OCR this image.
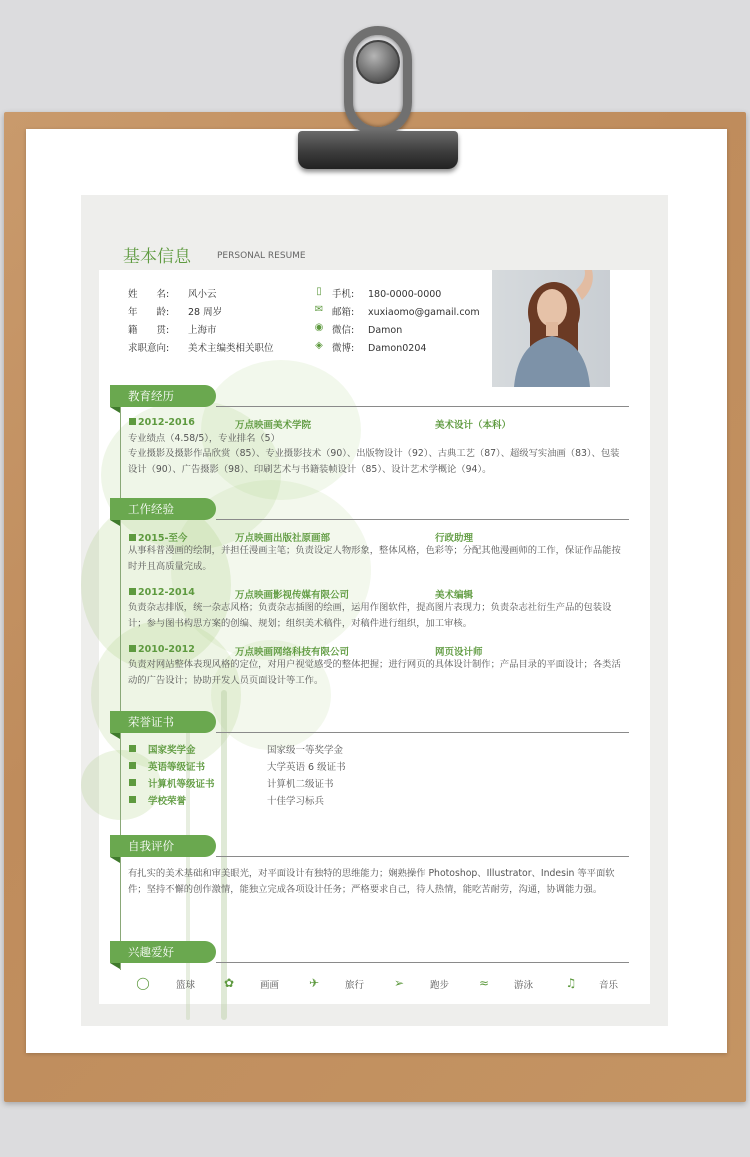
基本信息	PERSONAL RESUME
姓　　名: 风小云
年　　龄: 28 周岁
籍　　贯: 上海市
求职意向: 美术主编类相关职位
▯	手机: 180-0000-0000
✉ 邮箱: xuxiaomo@gamail.com
◉ 微信: Damon
◈ 微博: Damon0204
教育经历
2012-2016	万点映画美术学院	美术设计（本科）
专业绩点（4.58/5），专业排名（5）
专业摄影及摄影作品欣赏（85）、专业摄影技术（90）、出版物设计（92）、古典工艺（87）、超级写实油画（83）、包装设计（90）、广告摄影（98）、印刷艺术与书籍装帧设计（85）、设计艺术学概论（94）。
工作经验
2015-至今	万点映画出版社原画部	行政助理
从事科普漫画的绘制，并担任漫画主笔；负责设定人物形象，整体风格，色彩等；分配其他漫画师的工作，保证作品能按时并且高质量完成。
2012-2014	万点映画影视传媒有限公司	美术编辑
负责杂志排版，统一杂志风格；负责杂志插图的绘画，运用作图软件，提高图片表现力；负责杂志社衍生产品的包装设计；参与图书构思方案的创编、规划；组织美术稿件，对稿件进行组织，加工审核。
2010-2012	万点映画网络科技有限公司	网页设计师
负责对网站整体表现风格的定位，对用户视觉感受的整体把握；进行网页的具体设计制作；产品目录的平面设计；各类活动的广告设计；协助开发人员页面设计等工作。
荣誉证书
国家奖学金	国家级一等奖学金
英语等级证书	大学英语 6 级证书
计算机等级证书	计算机二级证书
学校荣誉	十佳学习标兵
自我评价
有扎实的美术基础和审美眼光，对平面设计有独特的思维能力；娴熟操作 Photoshop、Illustrator、Indesin 等平面软件；坚持不懈的创作激情，能独立完成各项设计任务；严格要求自己，待人热情，能吃苦耐劳，沟通，协调能力强。
兴趣爱好
◯	篮球 ✿	画画 ✈	旅行 ➢	跑步 ≈	游泳	♫ 音乐
